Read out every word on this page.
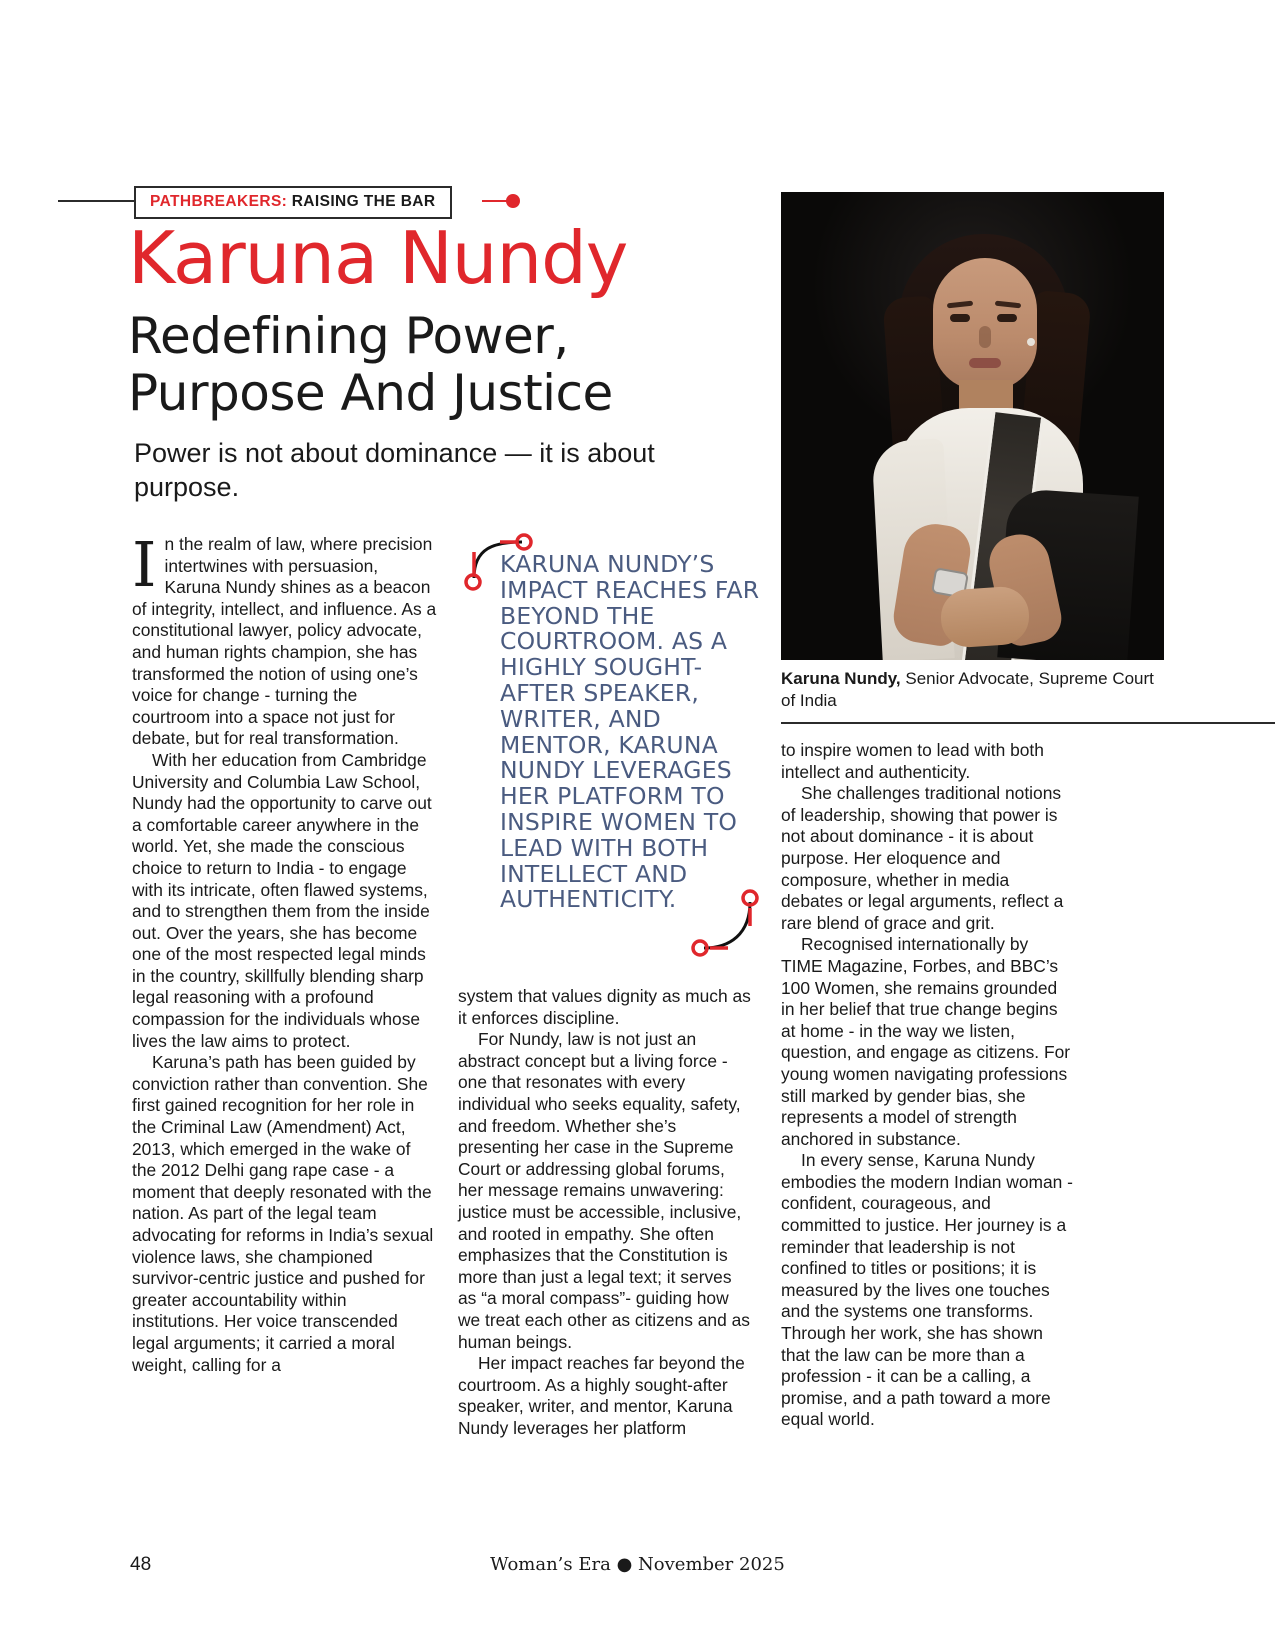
PATHBREAKERS: RAISING THE BAR
Karuna Nundy
Redefining Power,
Purpose And Justice
Power is not about dominance — it is about purpose.
Karuna Nundy, Senior Advocate, Supreme Court of India
KARUNA NUNDY’S IMPACT REACHES FAR BEYOND THE COURTROOM. AS A HIGHLY SOUGHT-AFTER SPEAKER, WRITER, AND MENTOR, KARUNA NUNDY LEVERAGES HER PLATFORM TO INSPIRE WOMEN TO LEAD WITH BOTH INTELLECT AND AUTHENTICITY.

In the realm of law, where precision intertwines with persuasion, Karuna Nundy shines as a beacon of integrity, intellect, and influence. As a constitutional lawyer, policy advocate, and human rights champion, she has transformed the notion of using one’s voice for change - turning the courtroom into a space not just for debate, but for real transformation.

With her education from Cambridge University and Columbia Law School, Nundy had the opportunity to carve out a comfortable career anywhere in the world. Yet, she made the conscious choice to return to India - to engage with its intricate, often flawed systems, and to strengthen them from the inside out. Over the years, she has become one of the most respected legal minds in the country, skillfully blending sharp legal reasoning with a profound compassion for the individuals whose lives the law aims to protect.

Karuna’s path has been guided by conviction rather than convention. She first gained recognition for her role in the Criminal Law (Amendment) Act, 2013, which emerged in the wake of the 2012 Delhi gang rape case - a moment that deeply resonated with the nation. As part of the legal team advocating for reforms in India’s sexual violence laws, she championed survivor-centric justice and pushed for greater accountability within institutions. Her voice transcended legal arguments; it carried a moral weight, calling for a

system that values dignity as much as it enforces discipline.

For Nundy, law is not just an abstract concept but a living force - one that resonates with every individual who seeks equality, safety, and freedom. Whether she’s presenting her case in the Supreme Court or addressing global forums, her message remains unwavering: justice must be accessible, inclusive, and rooted in empathy. She often emphasizes that the Constitution is more than just a legal text; it serves as “a moral compass”- guiding how we treat each other as citizens and as human beings.

Her impact reaches far beyond the courtroom. As a highly sought-after speaker, writer, and mentor, Karuna Nundy leverages her platform

to inspire women to lead with both intellect and authenticity.

She challenges traditional notions of leadership, showing that power is not about dominance - it is about purpose. Her eloquence and composure, whether in media debates or legal arguments, reflect a rare blend of grace and grit.

Recognised internationally by TIME Magazine, Forbes, and BBC’s 100 Women, she remains grounded in her belief that true change begins at home - in the way we listen, question, and engage as citizens. For young women navigating professions still marked by gender bias, she represents a model of strength anchored in substance.

In every sense, Karuna Nundy embodies the modern Indian woman - confident, courageous, and committed to justice. Her journey is a reminder that leadership is not confined to titles or positions; it is measured by the lives one touches and the systems one transforms. Through her work, she has shown that the law can be more than a profession - it can be a calling, a promise, and a path toward a more equal world.

48	Woman’s Era ● November 2025
